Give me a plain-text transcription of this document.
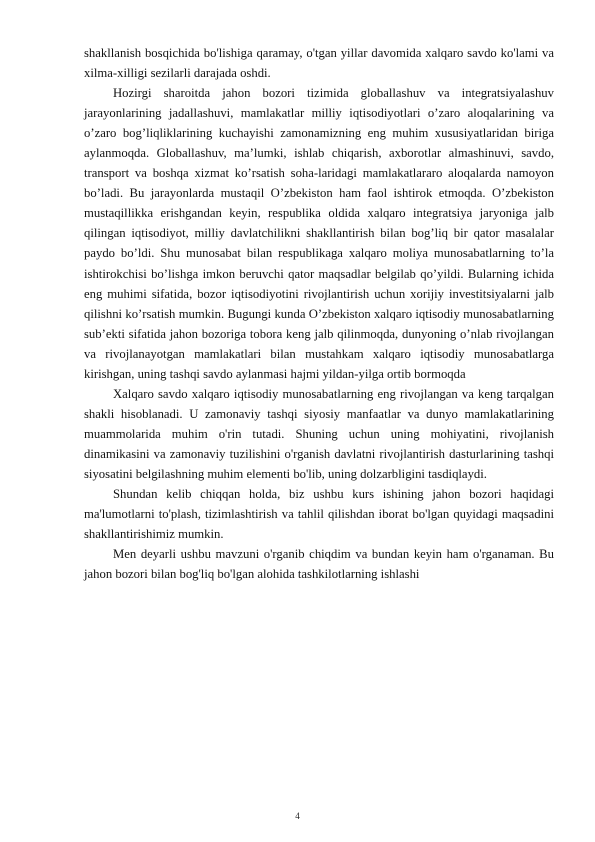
shakllanish bosqichida bo'lishiga qaramay, o'tgan yillar davomida xalqaro savdo ko'lami va xilma-xilligi sezilarli darajada oshdi.

Hozirgi sharoitda jahon bozori tizimida globallashuv va integratsiyalashuv jarayonlarining jadallashuvi, mamlakatlar milliy iqtisodiyotlari o’zaro aloqalarining va o’zaro bog’liqliklarining kuchayishi zamonamizning eng muhim xususiyatlaridan biriga aylanmoqda. Globallashuv, ma’lumki, ishlab chiqarish, axborotlar almashinuvi, savdo, transport va boshqa xizmat ko’rsatish soha-laridagi mamlakatlararo aloqalarda namoyon bo’ladi. Bu jarayonlarda mustaqil O’zbekiston ham faol ishtirok etmoqda. O’zbekiston mustaqillikka erishgandan keyin, respublika oldida xalqaro integratsiya jaryoniga jalb qilingan iqtisodiyot, milliy davlatchilikni shakllantirish bilan bog’liq bir qator masalalar paydo bo’ldi. Shu munosabat bilan respublikaga xalqaro moliya munosabatlarning to’la ishtirokchisi bo’lishga imkon beruvchi qator maqsadlar belgilab qo’yildi. Bularning ichida eng muhimi sifatida, bozor iqtisodiyotini rivojlantirish uchun xorijiy investitsiyalarni jalb qilishni ko’rsatish mumkin. Bugungi kunda O’zbekiston xalqaro iqtisodiy munosabatlarning sub’ekti sifatida jahon bozoriga tobora keng jalb qilinmoqda, dunyoning o’nlab rivojlangan va rivojlanayotgan mamlakatlari bilan mustahkam xalqaro iqtisodiy munosabatlarga kirishgan, uning tashqi savdo aylanmasi hajmi yildan-yilga ortib bormoqda

Xalqaro savdo xalqaro iqtisodiy munosabatlarning eng rivojlangan va keng tarqalgan shakli hisoblanadi. U zamonaviy tashqi siyosiy manfaatlar va dunyo mamlakatlarining muammolarida muhim o'rin tutadi. Shuning uchun uning mohiyatini, rivojlanish dinamikasini va zamonaviy tuzilishini o'rganish davlatni rivojlantirish dasturlarining tashqi siyosatini belgilashning muhim elementi bo'lib, uning dolzarbligini tasdiqlaydi.

Shundan kelib chiqqan holda, biz ushbu kurs ishining jahon bozori haqidagi ma'lumotlarni to'plash, tizimlashtirish va tahlil qilishdan iborat bo'lgan quyidagi maqsadini shakllantirishimiz mumkin.

Men deyarli ushbu mavzuni o'rganib chiqdim va bundan keyin ham o'rganaman. Bu jahon bozori bilan bog'liq bo'lgan alohida tashkilotlarning ishlashi

4
